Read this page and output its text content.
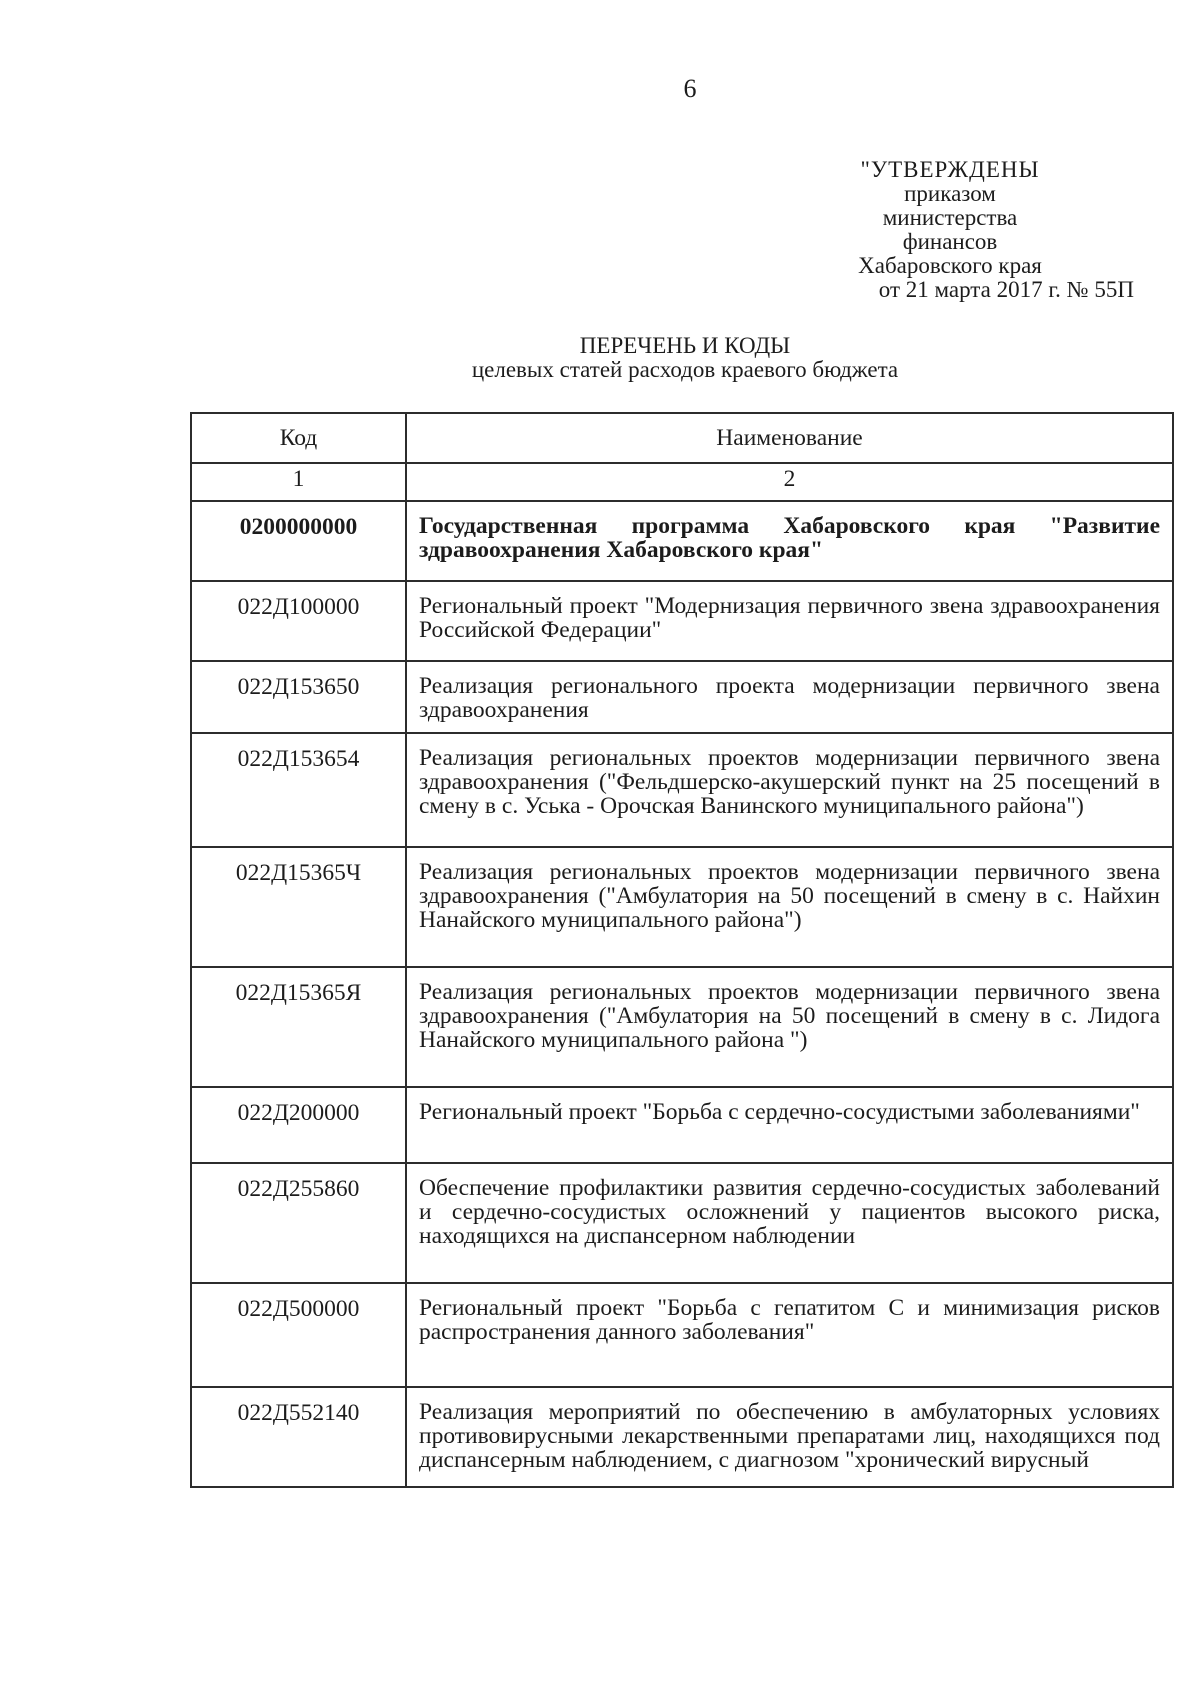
6
"УТВЕРЖДЕНЫ
приказом
министерства
финансов
Хабаровского края
от 21 марта 2017 г. № 55П
ПЕРЕЧЕНЬ И КОДЫ
целевых статей расходов краевого бюджета
Код	Наименование
1	2
0200000000	Государственная программа Хабаровского края "Развитие здравоохранения Хабаровского края"
022Д100000	Региональный проект "Модернизация первичного звена здравоохранения Российской Федерации"
022Д153650	Реализация регионального проекта модернизации первичного звена здравоохранения
022Д153654	Реализация региональных проектов модернизации первичного звена здравоохранения ("Фельдшерско-акушерский пункт на 25 посещений в смену в с. Уська - Орочская Ванинского муниципального района")
022Д15365Ч	Реализация региональных проектов модернизации первичного звена здравоохранения ("Амбулатория на 50 посещений в смену в с. Найхин Нанайского муниципального района")
022Д15365Я	Реализация региональных проектов модернизации первичного звена здравоохранения ("Амбулатория на 50 посещений в смену в с. Лидога Нанайского муниципального района ")
022Д200000	Региональный проект "Борьба с сердечно-сосудистыми заболеваниями"
022Д255860	Обеспечение профилактики развития сердечно-сосудистых заболеваний и сердечно-сосудистых осложнений у пациентов высокого риска, находящихся на диспансерном наблюдении
022Д500000	Региональный проект "Борьба с гепатитом С и минимизация рисков распространения данного заболевания"
022Д552140	Реализация мероприятий по обеспечению в амбулаторных условиях противовирусными лекарственными препаратами лиц, находящихся под диспансерным наблюдением, с диагнозом "хронический вирусный
